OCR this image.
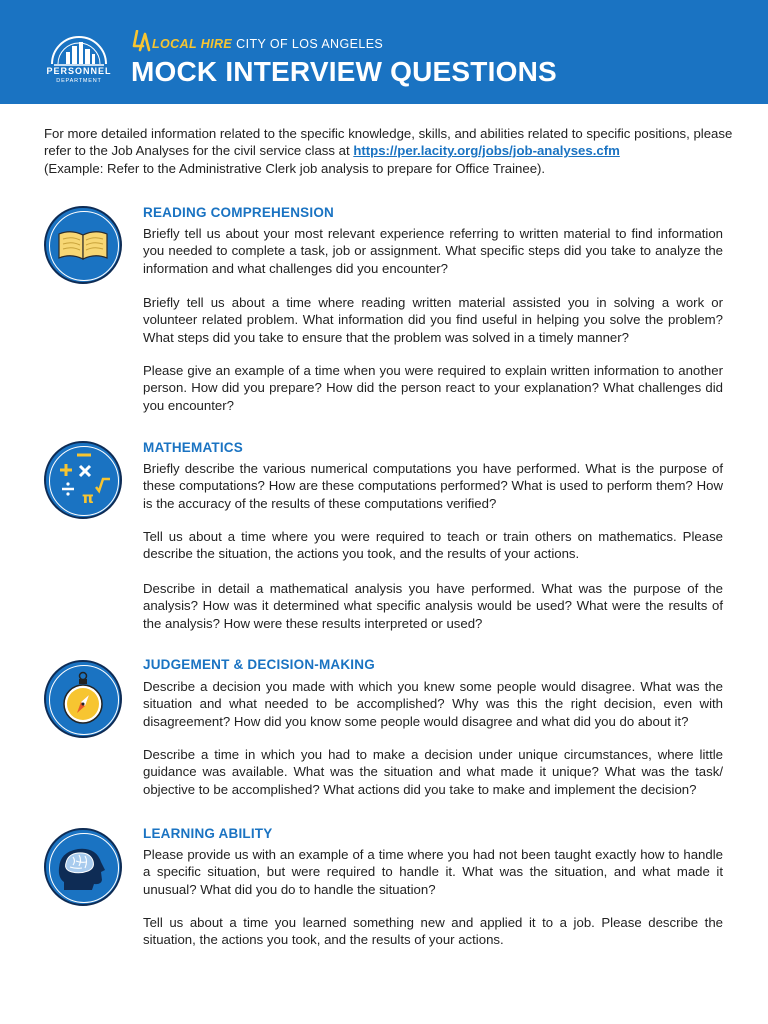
PERSONNEL
DEPARTMENT
LOCAL HIRE CITY OF LOS ANGELES
MOCK INTERVIEW QUESTIONS
For more detailed information related to the specific knowledge, skills, and abilities related to specific positions, please refer to the Job Analyses for the civil service class at https://per.lacity.org/jobs/job-analyses.cfm
(Example: Refer to the Administrative Clerk job analysis to prepare for Office Trainee).
READING COMPREHENSION

Briefly tell us about your most relevant experience referring to written material to find information you needed to complete a task, job or assignment. What specific steps did you take to analyze the information and what challenges did you encounter?

Briefly tell us about a time where reading written material assisted you in solving a work or volunteer related problem. What information did you find useful in helping you solve the problem? What steps did you take to ensure that the problem was solved in a timely manner?

Please give an example of a time when you were required to explain written information to another person. How did you prepare? How did the person react to your explanation? What challenges did you encounter?

π
MATHEMATICS

Briefly describe the various numerical computations you have performed. What is the purpose of these computations? How are these computations performed? What is used to perform them? How is the accuracy of the results of these computations verified?

Tell us about a time where you were required to teach or train others on mathematics. Please describe the situation, the actions you took, and the results of your actions.

Describe in detail a mathematical analysis you have performed. What was the purpose of the analysis? How was it determined what specific analysis would be used? What were the results of the analysis? How were these results interpreted or used?

JUDGEMENT & DECISION-MAKING

Describe a decision you made with which you knew some people would disagree. What was the situation and what needed to be accomplished? Why was this the right decision, even with disagreement? How did you know some people would disagree and what did you do about it?

Describe a time in which you had to make a decision under unique circumstances, where little guidance was available. What was the situation and what made it unique? What was the task/ objective to be accomplished? What actions did you take to make and implement the decision?

LEARNING ABILITY

Please provide us with an example of a time where you had not been taught exactly how to handle a specific situation, but were required to handle it. What was the situation, and what made it unusual? What did you do to handle the situation?

Tell us about a time you learned something new and applied it to a job. Please describe the situation, the actions you took, and the results of your actions.
